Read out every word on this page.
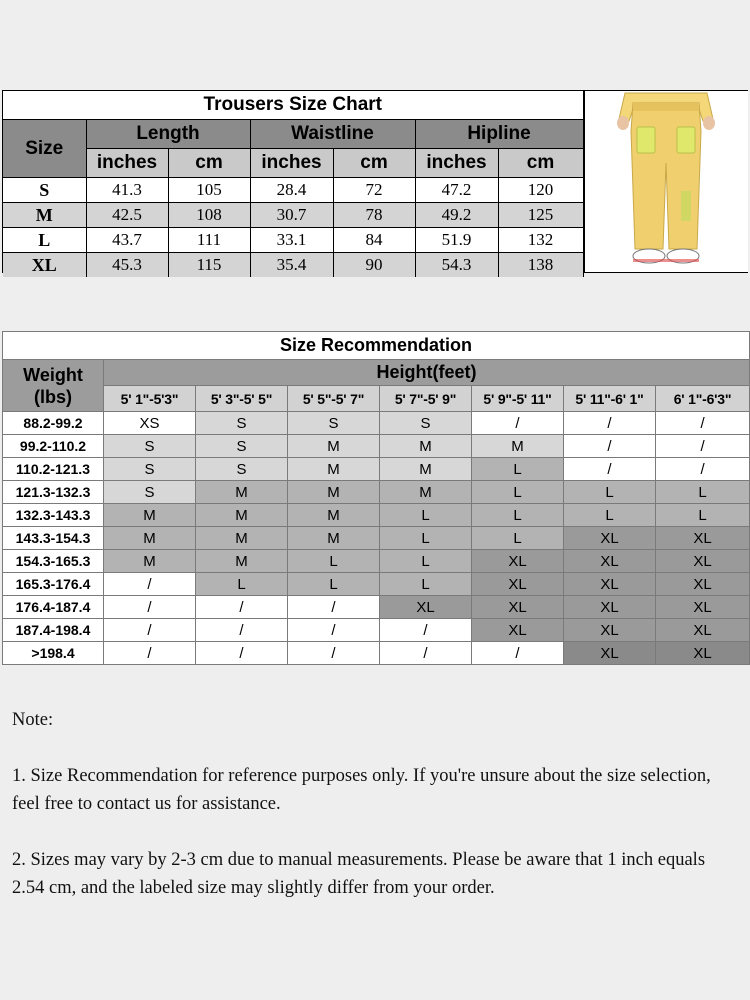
Trousers Size Chart						
Size	Length		Waistline		Hipline	
	inches	cm	inches	cm	inches	cm
S	41.3	105	28.4	72	47.2	120
M	42.5	108	30.7	78	49.2	125
L	43.7	111	33.1	84	51.9	132
XL	45.3	115	35.4	90	54.3	138
Size Recommendation							

Weight
(lbs)	Height(feet)						
	5' 1"-5'3"	5' 3"-5' 5"	5' 5"-5' 7"	5' 7"-5' 9"	5' 9"-5' 11"	5' 11"-6' 1"	6' 1"-6'3"
88.2-99.2	XS	S	S	S	/	/	/
99.2-110.2	S	S	M	M	M	/	/
110.2-121.3	S	S	M	M	L	/	/
121.3-132.3	S	M	M	M	L	L	L
132.3-143.3	M	M	M	L	L	L	L
143.3-154.3	M	M	M	L	L	XL	XL
154.3-165.3	M	M	L	L	XL	XL	XL
165.3-176.4	/	L	L	L	XL	XL	XL
176.4-187.4	/	/	/	XL	XL	XL	XL
187.4-198.4	/	/	/	/	XL	XL	XL
>198.4	/	/	/	/	/	XL	XL

Note:

1. Size Recommendation for reference purposes only. If you're unsure about the size selection, feel free to contact us for assistance.

2. Sizes may vary by 2-3 cm due to manual measurements. Please be aware that 1 inch equals 2.54 cm, and the labeled size may slightly differ from your order.
